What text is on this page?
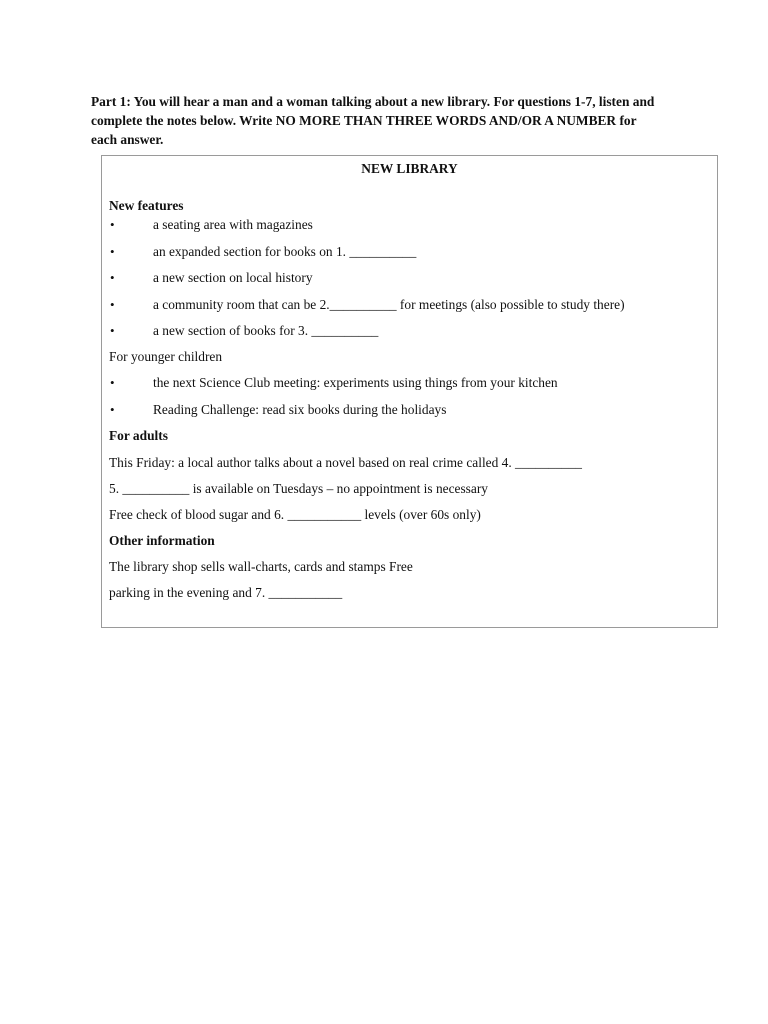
Part 1: You will hear a man and a woman talking about a new library. For questions 1-7, listen and
complete the notes below. Write NO MORE THAN THREE WORDS AND/OR A NUMBER for
each answer.
NEW LIBRARY
New features
•	a seating area with magazines
•	an expanded section for books on 1. __________
•	a new section on local history
•	a community room that can be 2.__________ for meetings (also possible to study there)
•	a new section of books for 3. __________
For younger children
•	the next Science Club meeting: experiments using things from your kitchen
•	Reading Challenge: read six books during the holidays
For adults
This Friday: a local author talks about a novel based on real crime called 4. __________
5. __________ is available on Tuesdays – no appointment is necessary
Free check of blood sugar and 6. ___________ levels (over 60s only)
Other information
The library shop sells wall-charts, cards and stamps Free
parking in the evening and 7. ___________
